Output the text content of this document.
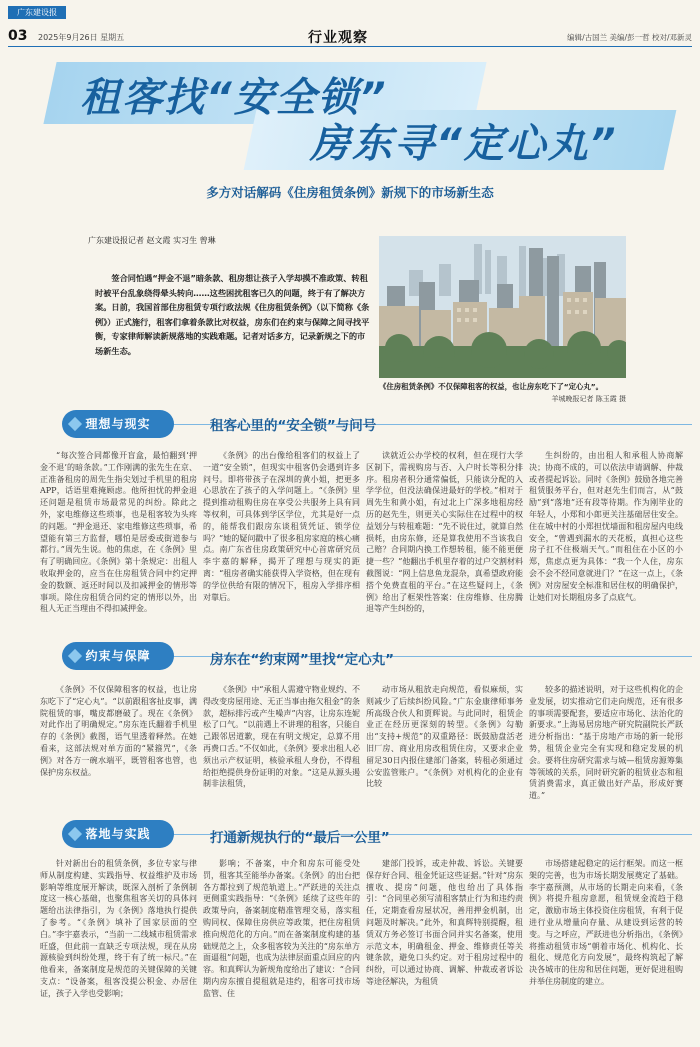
广东建设报
03 2025年9月26日 星期五	行业观察	编辑/古国兰 美编/彭一哲 校对/邓新灵
租客找“安全锁”
房东寻“定心丸”
多方对话解码《住房租赁条例》新规下的市场新生态
广东建设报记者 赵文霞 实习生 曾琳
签合同怕遇“押金不退”暗条款、租房想让孩子入学却摸不准政策、转租时被平台乱象绕得晕头转向……这些困扰租客已久的问题，终于有了解决方案。日前，我国首部住房租赁专项行政法规《住房租赁条例》（以下简称《条例》）正式施行，租客们拿着条款比对权益，房东们在约束与保障之间寻找平衡，专家律师解读新规落地的实践难题。记者对话多方，记录新规之下的市场新生态。
《住房租赁条例》不仅保障租客的权益，也让房东吃下了“定心丸”。
羊城晚报记者 陈玉霞 摄
理想与现实	租客心里的“安全锁”与问号

“每次签合同都像开盲盒，最怕翻到‘押金不退’的暗条款。”工作刚满的张先生在京、正准备租房的周先生指尖划过手机里的租房APP，话语里难掩顾虑。他所担忧的押金退还问题是租赁市场最常见的纠纷。除此之外，家电维修这些琐事，也是租客较为头疼的问题。“押金退还、家电维修这些琐事，希望能有第三方监督，哪怕是居委或街道参与都行。”周先生说。他的焦虑，在《条例》里有了明确回应。《条例》第十条规定：出租人收取押金的，应当在住房租赁合同中约定押金的数额、返还时间以及扣减押金的情形等事项。除住房租赁合同约定的情形以外，出租人无正当理由不得扣减押金。

《条例》的出台像给租客们的权益上了一道“安全锁”，但现实中租客仍会遇到许多问号。即将带孩子在深圳的黄小姐，把更多心思放在了孩子的入学问题上。“《条例》里提到推动租购住房在享受公共服务上具有同等权利，可具体到学区学位，尤其是好一点的，能帮我们跟房东谈租赁凭证、锁学位吗？”她的疑问戳中了很多租房家庭的核心痛点。南广东省住房政策研究中心首席研究员李宇嘉的解释，揭开了理想与现实的距离：“租房者确实能获得入学资格，但在现有的学位供给有限的情况下，租房入学排序相对靠后。

读就近公办学校的权利，但在现行大学区制下，需视购房与否、入户时长等积分排序。租房者积分通常偏低，只能读分配的入学学位，但没法确保进最好的学校。”相对于周先生和黄小姐，有过北上广深多地租房经历的赵先生，则更关心实际住在过程中的权益划分与转租难题：“先不说住过，就算自然损耗，由房东修，还是算我使用不当该我自己赔？合同期内换工作想转租，能不能更便捷一些？”他翻出手机里存着的过户交割材料截图说：“网上信息鱼龙混杂，真希望政府能搭个免费直租的平台。”在这些疑问上，《条例》给出了框架性答案：住房维修、住房腾退等产生纠纷的，

生纠纷的，由出租人和承租人协商解决；协商不成的，可以依法申请调解、仲裁或者提起诉讼。同时《条例》鼓励各地完善租赁服务平台，但对赵先生们而言，从“鼓励”到“落地”还有段等待期。作为刚毕业的年轻人，小郑和小郎更关注基础居住安全。住在城中村的小郑担忧墙面和租房屋内电线安全，“曾遇到漏水的天花板，真担心这些房子扛不住极端天气。”而租住在小区的小郑，焦虑点更为具体：“我一个人住，房东会不会不经同意就进门？”在这一点上，《条例》对房屋安全标准和居住权的明确保护，让她们对长期租房多了点底气。

约束与保障	房东在“约束网”里找“定心丸”

《条例》不仅保障租客的权益，也让房东吃下了“定心丸”。“以前跟租客扯皮事，满院租赁的事，嘴皮都磨破了。现在《条例》对此作出了明确规定。”房东连氏翻着手机里存的《条例》截图，语气里透着释然。在她看来，这部法规对单方面的“紧箍咒”，《条例》对各方一碗水端平，既管租客也管，也保护房东权益。

《条例》中“承租人需遵守物业规约、不得改变房屋用途、无正当事由拖欠租金”的条款，超标排污或产生噪声”内容，让房东连妮松了口气。“以前遇上不讲理的租客，只能自己跟邻居道歉，现在有明文规定，总算不用再费口舌。”不仅如此，《条例》要求出租人必须出示产权证明，核验承租人身份，不得租给拒绝提供身份证明的对象。“这是从源头遏制非法租赁，

动市场从粗放走向规范，看似麻烦，实则减少了后续纠纷风险。”广东金康律师事务所高级合伙人和贾辉说。与此同时，租赁企业正在经历更深刻的转型。《条例》勾勒出“支持+规范”的双重路径：既鼓励盘活老旧厂房、商业用房改租赁住房，又要求企业留足30日内报住建部门备案，转租必须通过公安监管账户。“《条例》对机构化的企业有比较

较多的描述说明，对于这些机构化的企业发展，切实推动它们走向规范，还有很多的事项需要配套，要适应市场化、法治化的新要求。”上海易居房地产研究院副院长严跃进分析指出：“基于房地产市场的新一轮形势，租赁企业完全有实现和稳定发展的机会。要将住房研究需求与城—租赁房源筹集等领域的关系，同时研究新的租赁业态和租赁消费需求，真正做出好产品，形成好赛道。”

落地与实践	打通新规执行的“最后一公里”

针对新出台的租赁条例，多位专家与律师从制度构建、实践指导、权益维护及市场影响等维度展开解读，既深入剖析了条例制度这一核心基础，也聚焦租客关切的具体问题给出法律指引，为《条例》落地执行提供了参考。“《条例》填补了国家层面的空白。”李宇嘉表示，“当前一二线城市租赁需求旺盛，但此前一直缺乏专项法规，现在从房源核验到纠纷处理，终于有了统一标尺。”在他看来，备案制度是规范的关键保障的关键支点：“设备案，租客没提公积金、办居住证，孩子入学也受影响；

影响；不备案，中介和房东可能受处罚，租客其至能举办备案。《条例》的出台把各方都拉到了规范轨道上。”严跃进的关注点更侧重实践指导：“《条例》延续了这些年的政策导向，备案制度精准管理交易，落实租购同权、保障住房供应等政策，把住房租赁推向规范化的方向。”而在备案制度构建的基础规范之上，众多租客较为关注的“房东单方面逼租”问题，也成为法律层面重点回应的内容。和真辉认为新规角度给出了建议：“合同期内房东擅自提租就是违约，租客可找市场监管、住

建部门投诉，或走仲裁、诉讼。关键要保存好合同、租金凭证这些证据。”针对“房东擅收、提房”问题，他也给出了具体指引：“合同里必须写清租客禁止行为和违约责任，定期查看房屋状况，善用押金机制，出问题及时解决。”此外，和真辉特别提醒，租赁双方务必签订书面合同并实名备案，使用示范文本，明确租金、押金、维修责任等关键条款，避免口头约定。对于租房过程中的纠纷，可以通过协商、调解、仲裁或者诉讼等途径解决，为租赁

市场搭建起稳定的运行框架。而这一框架的完善，也为市场长期发展奠定了基础。李宇嘉预测，从市场的长期走向来看，《条例》将提升租房意愿，租赁规金流趋于稳定，激励市场主体投资住房租赁，有利于促进行业从增量向存量、从建设到运营的转变。与之呼应，严跃进也分析指出，《条例》将推动租赁市场“朝着市场化、机构化、长租化、规范化方向发展”，最终构筑起了解决各城市的住房和居住问题，更好促进租购并举住房制度的建立。
